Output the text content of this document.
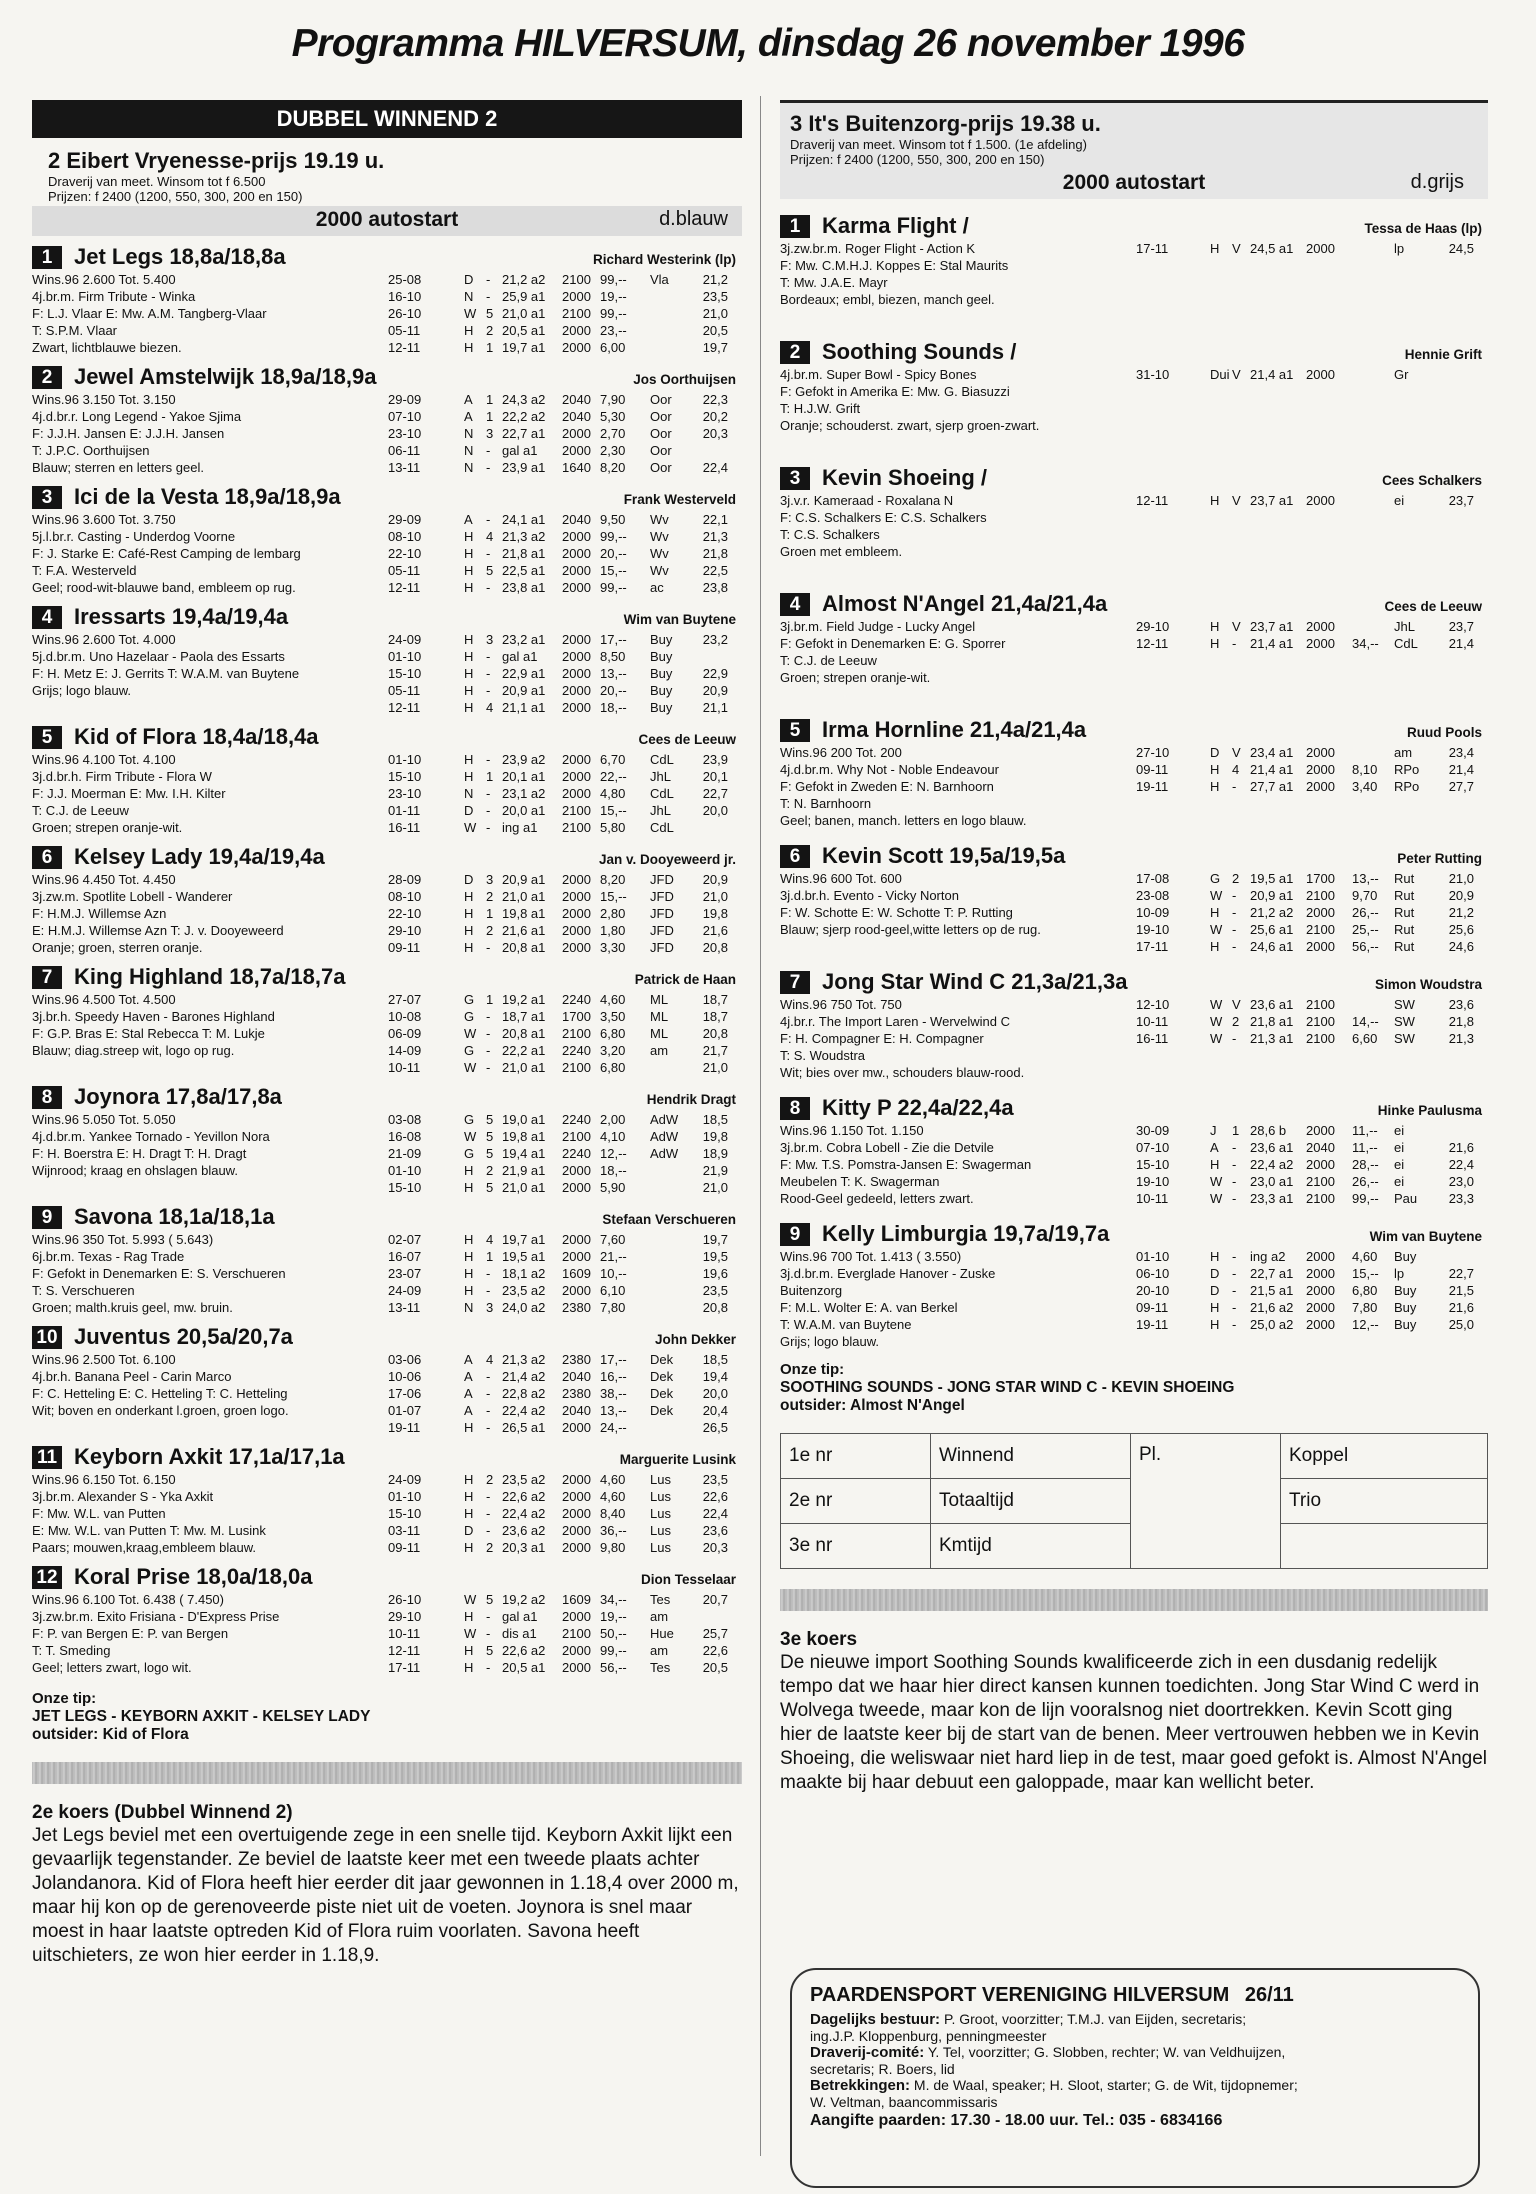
Programma HILVERSUM, dinsdag 26 november 1996
DUBBEL WINNEND 2
2 Eibert Vryenesse-prijs 19.19 u.
Draverij van meet. Winsom tot f 6.500
Prijzen: f 2400 (1200, 550, 300, 200 en 150)
2000 autostart	d.blauw
1 Jet Legs 18,8a/18,8a	Richard Westerink (lp)
Wins.96 2.600 Tot. 5.400
4j.br.m. Firm Tribute - Winka
F: L.J. Vlaar E: Mw. A.M. Tangberg-Vlaar
T: S.P.M. Vlaar
Zwart, lichtblauwe biezen.
25-08	D - 21,2 a2 2100 99,-- Vla	21,2
16-10	N - 25,9 a1 2000 19,--	23,5
26-10	W 5 21,0 a1 2100 99,--	21,0
05-11	H 2 20,5 a1 2000 23,--	20,5
12-11	H 1 19,7 a1 2000 6,00	19,7
2 Jewel Amstelwijk 18,9a/18,9a	Jos Oorthuijsen
Wins.96 3.150 Tot. 3.150
4j.d.br.r. Long Legend - Yakoe Sjima
F: J.J.H. Jansen E: J.J.H. Jansen
T: J.P.C. Oorthuijsen
Blauw; sterren en letters geel.
29-09	A 1 24,3 a2 2040 7,90 Oor 22,3
07-10	A 1 22,2 a2 2040 5,30 Oor 20,2
23-10	N 3 22,7 a1 2000 2,70 Oor 20,3
06-11	N - gal a1 2000 2,30 Oor
13-11	N - 23,9 a1 1640 8,20 Oor 22,4
3 Ici de la Vesta 18,9a/18,9a	Frank Westerveld
Wins.96 3.600 Tot. 3.750
5j.l.br.r. Casting - Underdog Voorne
F: J. Starke E: Café-Rest Camping de lembarg
T: F.A. Westerveld
Geel; rood-wit-blauwe band, embleem op rug.
29-09	A - 24,1 a1 2040 9,50 Wv	22,1
08-10	H 4 21,3 a2 2000 99,-- Wv	21,3
22-10	H - 21,8 a1 2000 20,-- Wv	21,8
05-11	H 5 22,5 a1 2000 15,-- Wv	22,5
12-11	H - 23,8 a1 2000 99,-- ac	23,8
4 Iressarts 19,4a/19,4a	Wim van Buytene
Wins.96 2.600 Tot. 4.000
5j.d.br.m. Uno Hazelaar - Paola des Essarts
F: H. Metz E: J. Gerrits T: W.A.M. van Buytene
Grijs; logo blauw.
24-09	H 3 23,2 a1 2000 17,-- Buy 23,2
01-10	H - gal a1 2000 8,50 Buy
15-10	H - 22,9 a1 2000 13,-- Buy 22,9
05-11	H - 20,9 a1 2000 20,-- Buy 20,9
12-11	H 4 21,1 a1 2000 18,-- Buy 21,1
5 Kid of Flora 18,4a/18,4a	Cees de Leeuw
Wins.96 4.100 Tot. 4.100
3j.d.br.h. Firm Tribute - Flora W
F: J.J. Moerman E: Mw. I.H. Kilter
T: C.J. de Leeuw
Groen; strepen oranje-wit.
01-10	H - 23,9 a2 2000 6,70 CdL 23,9
15-10	H 1 20,1 a1 2000 22,-- JhL 20,1
23-10	N - 23,1 a2 2000 4,80 CdL 22,7
01-11	D - 20,0 a1 2100 15,-- JhL 20,0
16-11	W - ing a1 2100 5,80 CdL
6 Kelsey Lady 19,4a/19,4a	Jan v. Dooyeweerd jr.
Wins.96 4.450 Tot. 4.450
3j.zw.m. Spotlite Lobell - Wanderer
F: H.M.J. Willemse Azn
E: H.M.J. Willemse Azn T: J. v. Dooyeweerd
Oranje; groen, sterren oranje.
28-09	D 3 20,9 a1 2000 8,20 JFD 20,9
08-10	H 2 21,0 a1 2000 15,-- JFD 21,0
22-10	H 1 19,8 a1 2000 2,80 JFD 19,8
29-10	H 2 21,6 a1 2000 1,80 JFD 21,6
09-11	H - 20,8 a1 2000 3,30 JFD 20,8
7 King Highland 18,7a/18,7a	Patrick de Haan
Wins.96 4.500 Tot. 4.500
3j.br.h. Speedy Haven - Barones Highland
F: G.P. Bras E: Stal Rebecca T: M. Lukje
Blauw; diag.streep wit, logo op rug.
27-07	G 1 19,2 a1 2240 4,60 ML	18,7
10-08	G - 18,7 a1 1700 3,50 ML	18,7
06-09	W - 20,8 a1 2100 6,80 ML	20,8
14-09	G - 22,2 a1 2240 3,20 am	21,7
10-11	W - 21,0 a1 2100 6,80	21,0
8 Joynora 17,8a/17,8a	Hendrik Dragt
Wins.96 5.050 Tot. 5.050
4j.d.br.m. Yankee Tornado - Yevillon Nora
F: H. Boerstra E: H. Dragt T: H. Dragt
Wijnrood; kraag en ohslagen blauw.
03-08	G 5 19,0 a1 2240 2,00 AdW 18,5
16-08	W 5 19,8 a1 2100 4,10 AdW 19,8
21-09	G 5 19,4 a1 2240 12,-- AdW 18,9
01-10	H 2 21,9 a1 2000 18,--	21,9
15-10	H 5 21,0 a1 2000 5,90	21,0
9 Savona 18,1a/18,1a	Stefaan Verschueren
Wins.96 350 Tot. 5.993 ( 5.643)
6j.br.m. Texas - Rag Trade
F: Gefokt in Denemarken E: S. Verschueren
T: S. Verschueren
Groen; malth.kruis geel, mw. bruin.
02-07	H 4 19,7 a1 2000 7,60	19,7
16-07	H 1 19,5 a1 2000 21,--	19,5
23-07	H - 18,1 a2 1609 10,--	19,6
24-09	H - 23,5 a2 2000 6,10	23,5
13-11	N 3 24,0 a2 2380 7,80	20,8
10 Juventus 20,5a/20,7a	John Dekker
Wins.96 2.500 Tot. 6.100
4j.br.h. Banana Peel - Carin Marco
F: C. Hetteling E: C. Hetteling T: C. Hetteling
Wit; boven en onderkant l.groen, groen logo.
03-06	A 4 21,3 a2 2380 17,-- Dek 18,5
10-06	A - 21,4 a2 2040 16,-- Dek 19,4
17-06	A - 22,8 a2 2380 38,-- Dek 20,0
01-07	A - 22,4 a2 2040 13,-- Dek 20,4
19-11	H - 26,5 a1 2000 24,--	26,5
11 Keyborn Axkit 17,1a/17,1a	Marguerite Lusink
Wins.96 6.150 Tot. 6.150
3j.br.m. Alexander S - Yka Axkit
F: Mw. W.L. van Putten
E: Mw. W.L. van Putten T: Mw. M. Lusink
Paars; mouwen,kraag,embleem blauw.
24-09	H 2 23,5 a2 2000 4,60 Lus 23,5
01-10	H - 22,6 a2 2000 4,60 Lus 22,6
15-10	H - 22,4 a2 2000 8,40 Lus 22,4
03-11	D - 23,6 a2 2000 36,-- Lus 23,6
09-11	H 2 20,3 a1 2000 9,80 Lus 20,3
12 Koral Prise 18,0a/18,0a	Dion Tesselaar
Wins.96 6.100 Tot. 6.438 ( 7.450)
3j.zw.br.m. Exito Frisiana - D'Express Prise
F: P. van Bergen E: P. van Bergen
T: T. Smeding
Geel; letters zwart, logo wit.
26-10	W 5 19,2 a2 1609 34,-- Tes 20,7
29-10	H - gal a1 2000 19,-- am
10-11	W - dis a1 2100 50,-- Hue 25,7
12-11	H 5 22,6 a2 2000 99,-- am	22,6
17-11	H - 20,5 a1 2000 56,-- Tes 20,5
Onze tip:
JET LEGS - KEYBORN AXKIT - KELSEY LADY
outsider: Kid of Flora
2e koers (Dubbel Winnend 2)
Jet Legs beviel met een overtuigende zege in een snelle tijd. Keyborn Axkit lijkt een gevaarlijk tegenstander. Ze beviel de laatste keer met een tweede plaats achter Jolandanora. Kid of Flora heeft hier eerder dit jaar gewonnen in 1.18,4 over 2000 m, maar hij kon op de gerenoveerde piste niet uit de voeten. Joynora is snel maar moest in haar laatste optreden Kid of Flora ruim voorlaten. Savona heeft uitschieters, ze won hier eerder in 1.18,9.
3 It's Buitenzorg-prijs 19.38 u.
Draverij van meet. Winsom tot f 1.500. (1e afdeling)
Prijzen: f 2400 (1200, 550, 300, 200 en 150)
2000 autostart	d.grijs
1 Karma Flight /	Tessa de Haas (lp)
3j.zw.br.m. Roger Flight - Action K
F: Mw. C.M.H.J. Koppes E: Stal Maurits
T: Mw. J.A.E. Mayr
Bordeaux; embl, biezen, manch geel.
17-11	H V 24,5 a1 2000	lp	24,5
2 Soothing Sounds /	Hennie Grift
4j.br.m. Super Bowl - Spicy Bones
F: Gefokt in Amerika E: Mw. G. Biasuzzi
T: H.J.W. Grift
Oranje; schouderst. zwart, sjerp groen-zwart.
31-10	Dui V 21,4 a1 2000	Gr
3 Kevin Shoeing /	Cees Schalkers
3j.v.r. Kameraad - Roxalana N
F: C.S. Schalkers E: C.S. Schalkers
T: C.S. Schalkers
Groen met embleem.
12-11	H V 23,7 a1 2000	ei	23,7
4 Almost N'Angel 21,4a/21,4a	Cees de Leeuw
3j.br.m. Field Judge - Lucky Angel
F: Gefokt in Denemarken E: G. Sporrer
T: C.J. de Leeuw
Groen; strepen oranje-wit.
29-10	H V 23,7 a1 2000	JhL	23,7
12-11	H - 21,4 a1 2000 34,-- CdL 21,4
5 Irma Hornline 21,4a/21,4a	Ruud Pools
Wins.96 200 Tot. 200
4j.d.br.m. Why Not - Noble Endeavour
F: Gefokt in Zweden E: N. Barnhoorn
T: N. Barnhoorn
Geel; banen, manch. letters en logo blauw.
27-10	D V 23,4 a1 2000	am	23,4
09-11	H 4 21,4 a1 2000 8,10 RPo 21,4
19-11	H - 27,7 a1 2000 3,40 RPo 27,7
6 Kevin Scott 19,5a/19,5a	Peter Rutting
Wins.96 600 Tot. 600
3j.d.br.h. Evento - Vicky Norton
F: W. Schotte E: W. Schotte T: P. Rutting
Blauw; sjerp rood-geel,witte letters op de rug.
17-08	G 2 19,5 a1 1700 13,-- Rut	21,0
23-08	W - 20,9 a1 2100 9,70 Rut	20,9
10-09	H - 21,2 a2 2000 26,-- Rut	21,2
19-10	W - 25,6 a1 2100 25,-- Rut	25,6
17-11	H - 24,6 a1 2000 56,-- Rut	24,6
7 Jong Star Wind C 21,3a/21,3a	Simon Woudstra
Wins.96 750 Tot. 750
4j.br.r. The Import Laren - Wervelwind C
F: H. Compagner E: H. Compagner
T: S. Woudstra
Wit; bies over mw., schouders blauw-rood.
12-10	W V 23,6 a1 2100	SW	23,6
10-11	W 2 21,8 a1 2100 14,-- SW	21,8
16-11	W - 21,3 a1 2100 6,60 SW	21,3
8 Kitty P 22,4a/22,4a	Hinke Paulusma
Wins.96 1.150 Tot. 1.150
3j.br.m. Cobra Lobell - Zie die Detvile
F: Mw. T.S. Pomstra-Jansen E: Swagerman
Meubelen T: K. Swagerman
Rood-Geel gedeeld, letters zwart.
30-09	J 1 28,6 b 2000 11,-- ei
07-10	A - 23,6 a1 2040 11,-- ei	21,6
15-10	H - 22,4 a2 2000 28,-- ei	22,4
19-10	W - 23,0 a1 2100 26,-- ei	23,0
10-11	W - 23,3 a1 2100 99,-- Pau 23,3
9 Kelly Limburgia 19,7a/19,7a	Wim van Buytene
Wins.96 700 Tot. 1.413 ( 3.550)
3j.d.br.m. Everglade Hanover - Zuske
Buitenzorg
F: M.L. Wolter E: A. van Berkel
T: W.A.M. van Buytene
Grijs; logo blauw.
01-10	H - ing a2 2000 4,60 Buy
06-10	D - 22,7 a1 2000 15,-- lp	22,7
20-10	D - 21,5 a1 2000 6,80 Buy 21,5
09-11	H - 21,6 a2 2000 7,80 Buy 21,6
19-11	H - 25,0 a2 2000 12,-- Buy 25,0
Onze tip:
SOOTHING SOUNDS - JONG STAR WIND C - KEVIN SHOEING
outsider: Almost N'Angel
1e nr	Winnend	Pl.	Koppel
2e nr	Totaaltijd		Trio
3e nr	Kmtijd		
3e koers
De nieuwe import Soothing Sounds kwalificeerde zich in een dusdanig redelijk tempo dat we haar hier direct kansen kunnen toedichten. Jong Star Wind C werd in Wolvega tweede, maar kon de lijn vooralsnog niet doortrekken. Kevin Scott ging hier de laatste keer bij de start van de benen. Meer vertrouwen hebben we in Kevin Shoeing, die weliswaar niet hard liep in de test, maar goed gefokt is. Almost N'Angel maakte bij haar debuut een galoppade, maar kan wellicht beter.
PAARDENSPORT VERENIGING HILVERSUM 26/11
Dagelijks bestuur: P. Groot, voorzitter; T.M.J. van Eijden, secretaris;
ing.J.P. Kloppenburg, penningmeester
Draverij-comité: Y. Tel, voorzitter; G. Slobben, rechter; W. van Veldhuijzen,
secretaris; R. Boers, lid
Betrekkingen: M. de Waal, speaker; H. Sloot, starter; G. de Wit, tijdopnemer;
W. Veltman, baancommissaris
Aangifte paarden: 17.30 - 18.00 uur. Tel.: 035 - 6834166
